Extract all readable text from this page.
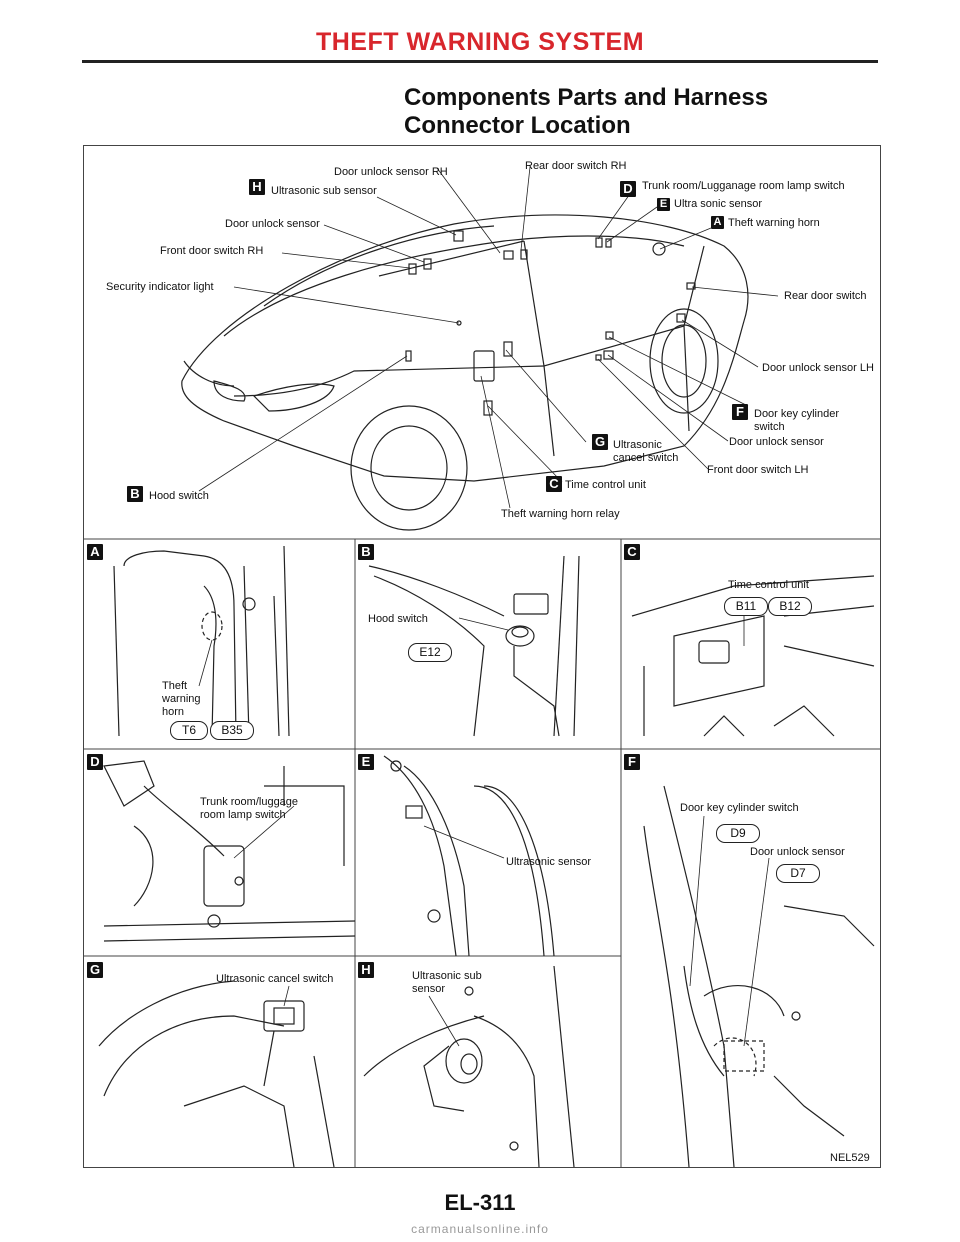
THEFT WARNING SYSTEM
Components Parts and Harness Connector Location
Door unlock sensor RH	Rear door switch RH
H Ultrasonic sub sensor	D Trunk room/Lugganage room lamp switch
E Ultra sonic sensor
A Theft warning horn
Door unlock sensor
Front door switch RH
Security indicator light
Rear door switch
Door unlock sensor LH
F Door key cylinder switch
Door unlock sensor
G Ultrasonic cancel switch
Front door switch LH
C Time control unit
B Hood switch
Theft warning horn relay
A
Theft warning horn
T6	B35
B
Hood switch
E12
C
Time control unit
B11	B12
D
Trunk room/luggage room lamp switch
E
Ultrasonic sensor
F
Door key cylinder switch
D9
Door unlock sensor
D7
G
Ultrasonic cancel switch
H	Ultrasonic sub sensor
NEL529
EL-311
carmanualsonline.info
